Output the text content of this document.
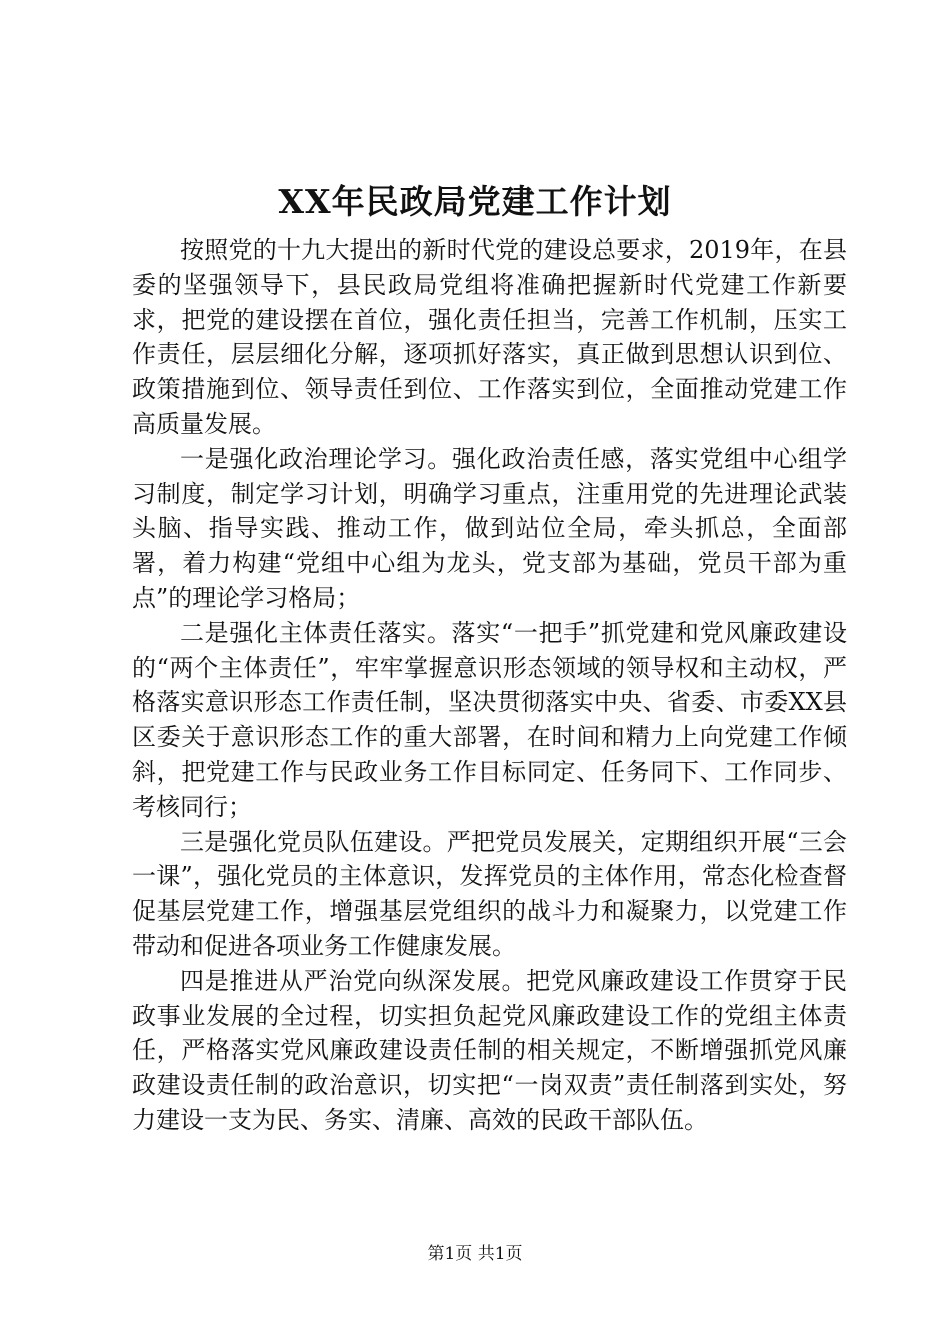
XX年民政局党建工作计划

按照党的十九大提出的新时代党的建设总要求，2019年，在县委的坚强领导下，县民政局党组将准确把握新时代党建工作新要求，把党的建设摆在首位，强化责任担当，完善工作机制，压实工作责任，层层细化分解，逐项抓好落实，真正做到思想认识到位、政策措施到位、领导责任到位、工作落实到位，全面推动党建工作高质量发展。

一是强化政治理论学习。强化政治责任感，落实党组中心组学习制度，制定学习计划，明确学习重点，注重用党的先进理论武装头脑、指导实践、推动工作，做到站位全局，牵头抓总，全面部署，着力构建“党组中心组为龙头，党支部为基础，党员干部为重点”的理论学习格局；

二是强化主体责任落实。落实“一把手”抓党建和党风廉政建设的“两个主体责任”，牢牢掌握意识形态领域的领导权和主动权，严格落实意识形态工作责任制，坚决贯彻落实中央、省委、市委XX县区委关于意识形态工作的重大部署，在时间和精力上向党建工作倾斜，把党建工作与民政业务工作目标同定、任务同下、工作同步、考核同行；

三是强化党员队伍建设。严把党员发展关，定期组织开展“三会一课”，强化党员的主体意识，发挥党员的主体作用，常态化检查督促基层党建工作，增强基层党组织的战斗力和凝聚力，以党建工作带动和促进各项业务工作健康发展。

四是推进从严治党向纵深发展。把党风廉政建设工作贯穿于民政事业发展的全过程，切实担负起党风廉政建设工作的党组主体责任，严格落实党风廉政建设责任制的相关规定，不断增强抓党风廉政建设责任制的政治意识，切实把“一岗双责”责任制落到实处，努力建设一支为民、务实、清廉、高效的民政干部队伍。

第1页 共1页
